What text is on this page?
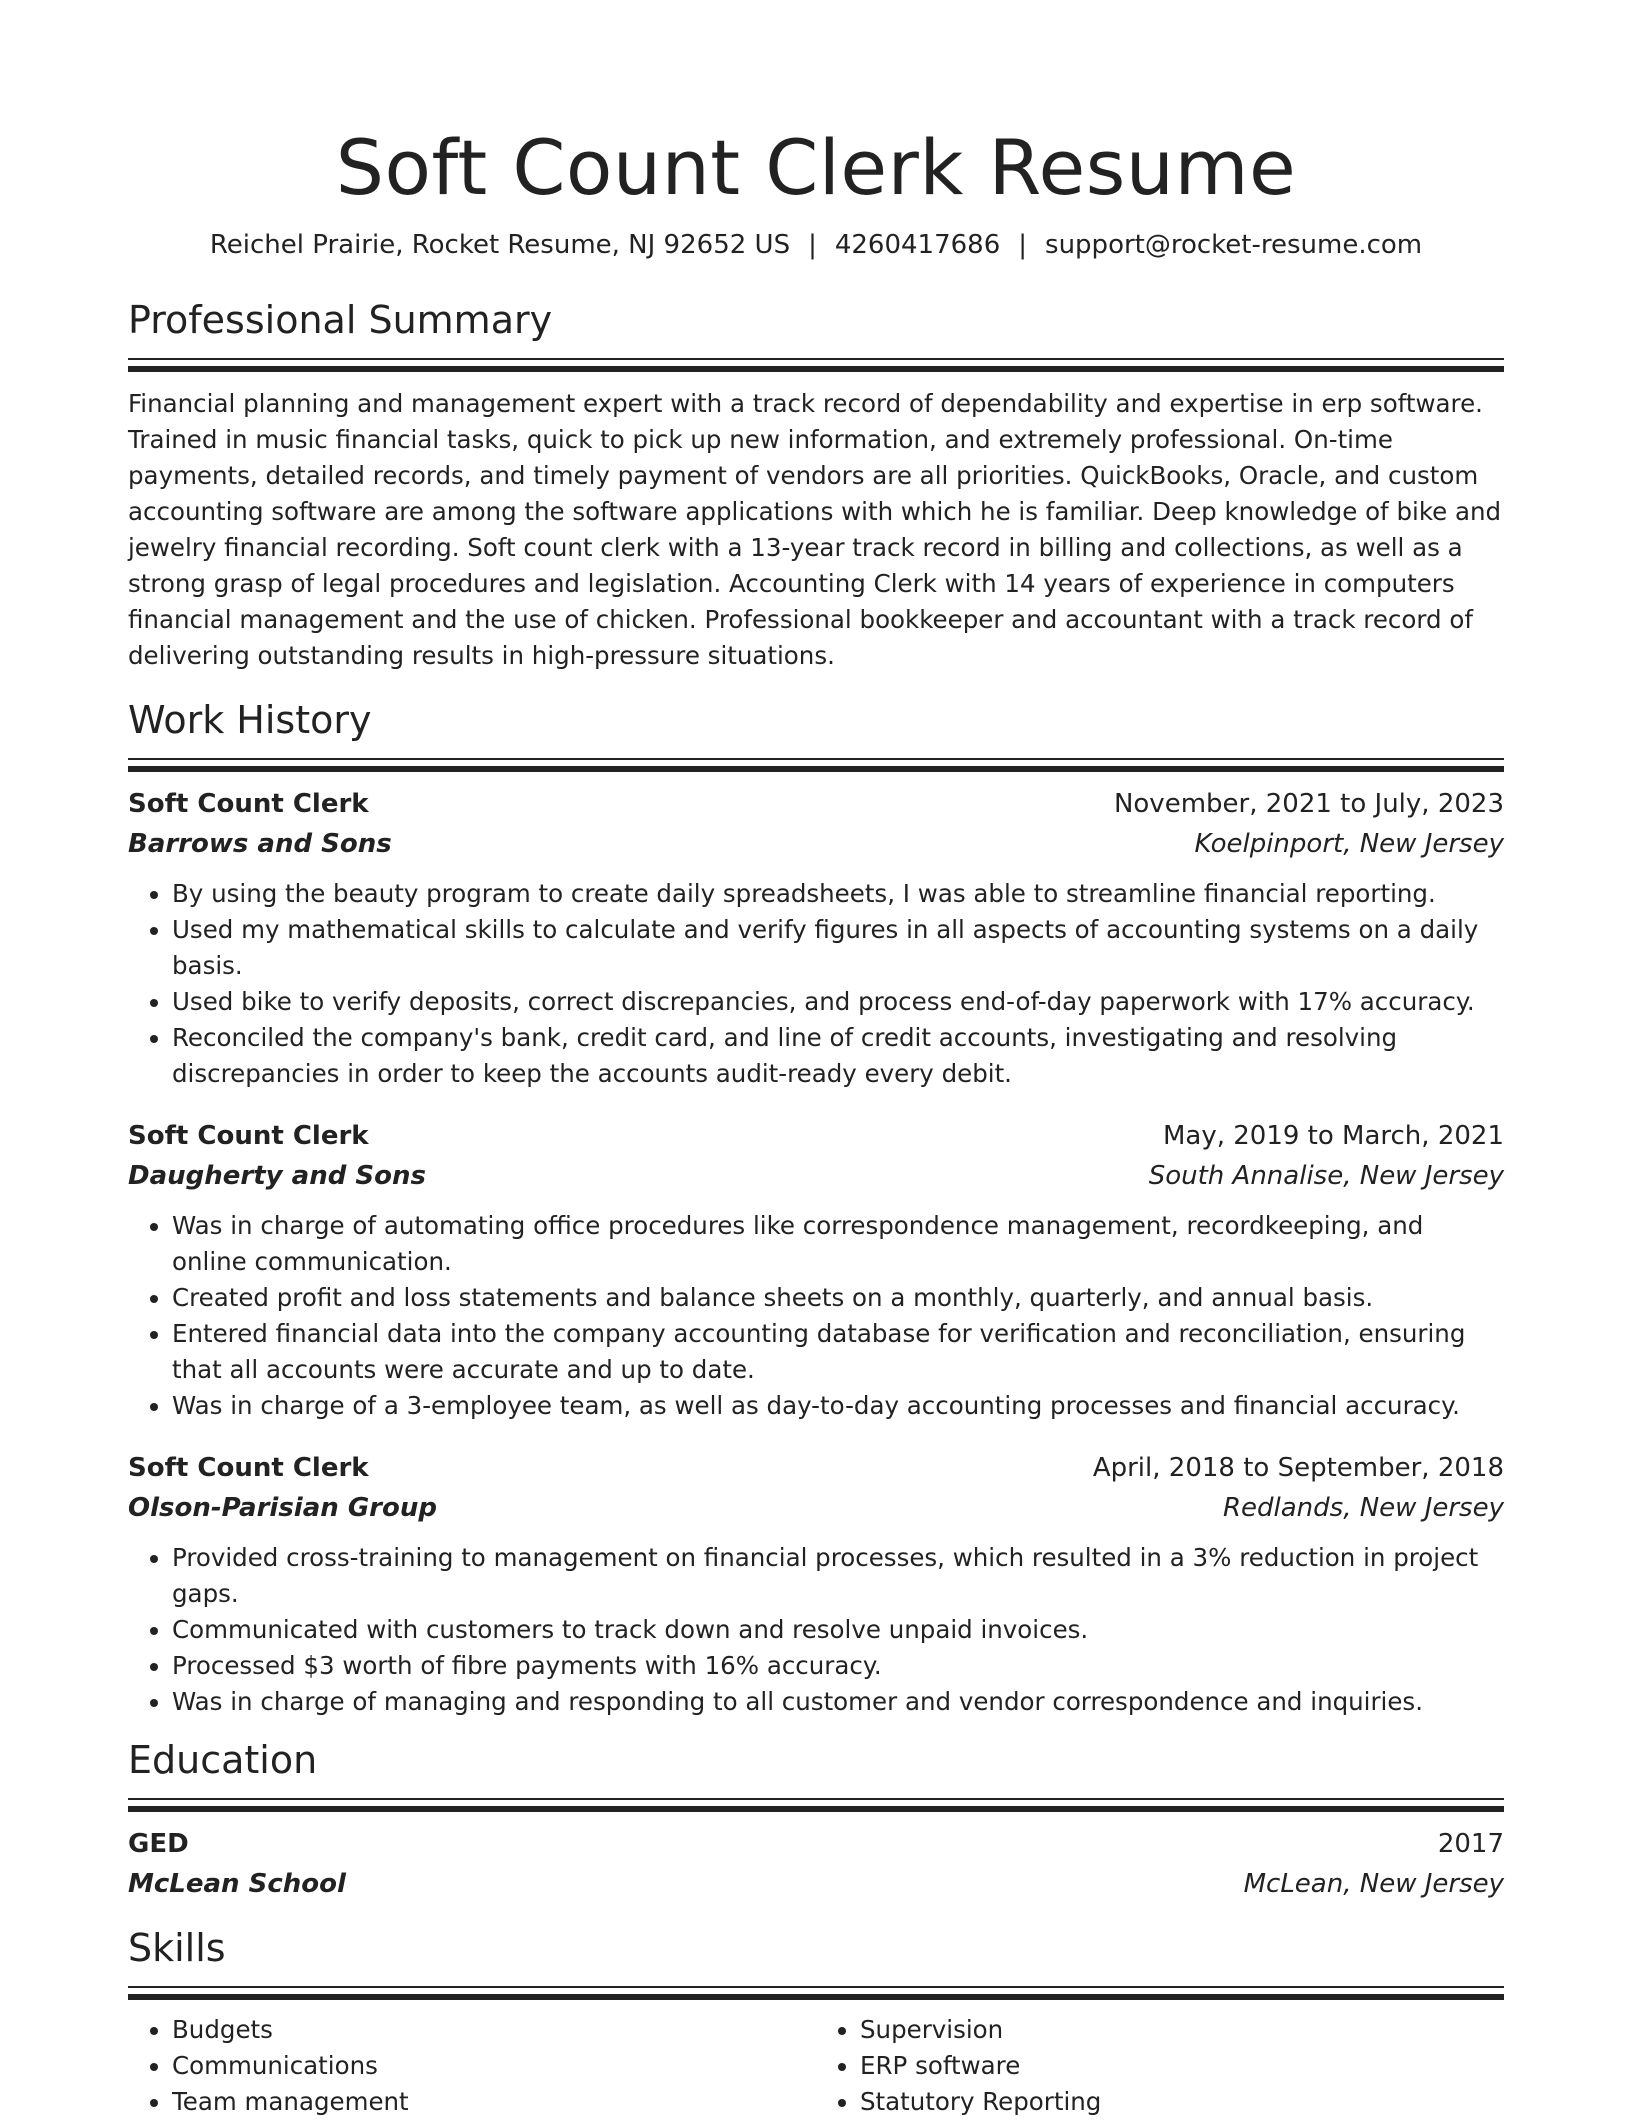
Soft Count Clerk Resume
Reichel Prairie, Rocket Resume, NJ 92652 US | 4260417686 | support@rocket-resume.com
Professional Summary

Financial planning and management expert with a track record of dependability and expertise in erp software. Trained in music financial tasks, quick to pick up new information, and extremely professional. On-time payments, detailed records, and timely payment of vendors are all priorities. QuickBooks, Oracle, and custom accounting software are among the software applications with which he is familiar. Deep knowledge of bike and jewelry financial recording. Soft count clerk with a 13-year track record in billing and collections, as well as a strong grasp of legal procedures and legislation. Accounting Clerk with 14 years of experience in computers financial management and the use of chicken. Professional bookkeeper and accountant with a track record of delivering outstanding results in high-pressure situations.

Work History
Soft Count Clerk	November, 2021 to July, 2023
Barrows and Sons	Koelpinport, New Jersey
• By using the beauty program to create daily spreadsheets, I was able to streamline financial reporting.
• Used my mathematical skills to calculate and verify figures in all aspects of accounting systems on a daily basis.
• Used bike to verify deposits, correct discrepancies, and process end-of-day paperwork with 17% accuracy.
• Reconciled the company's bank, credit card, and line of credit accounts, investigating and resolving discrepancies in order to keep the accounts audit-ready every debit.
Soft Count Clerk	May, 2019 to March, 2021
Daugherty and Sons	South Annalise, New Jersey
• Was in charge of automating office procedures like correspondence management, recordkeeping, and online communication.
• Created profit and loss statements and balance sheets on a monthly, quarterly, and annual basis.
• Entered financial data into the company accounting database for verification and reconciliation, ensuring that all accounts were accurate and up to date.
• Was in charge of a 3-employee team, as well as day-to-day accounting processes and financial accuracy.
Soft Count Clerk	April, 2018 to September, 2018
Olson-Parisian Group	Redlands, New Jersey
• Provided cross-training to management on financial processes, which resulted in a 3% reduction in project gaps.
• Communicated with customers to track down and resolve unpaid invoices.
• Processed $3 worth of fibre payments with 16% accuracy.
• Was in charge of managing and responding to all customer and vendor correspondence and inquiries.
Education
GED	2017
McLean School	McLean, New Jersey
Skills
• Budgets
• Communications
• Team management
• Supervision
• ERP software
• Statutory Reporting
